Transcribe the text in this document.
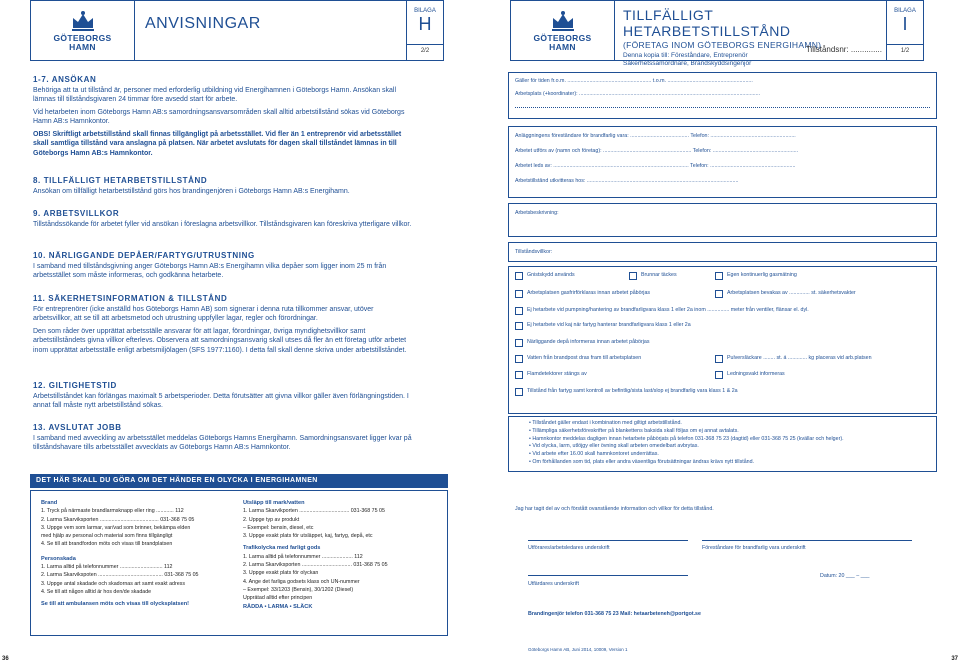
GÖTEBORGS
HAMN
ANVISNINGAR
BILAGA
H
2/2
1-7. ANSÖKAN

Behöriga att ta ut tillstånd är, personer med erforderlig utbildning vid Energihamnen i Göteborgs Hamn. Ansökan skall lämnas till tillståndsgivaren 24 timmar före avsedd start för arbete.

Vid hetarbeten inom Göteborgs Hamn AB:s samordningsansvarsområden skall alltid arbetstillstånd sökas vid Göteborgs Hamn AB:s Hamnkontor.

OBS! Skriftligt arbetstillstånd skall finnas tillgängligt på arbetsstället. Vid fler än 1 entreprenör vid arbetsstället skall samtliga tillstånd vara anslagna på platsen. När arbetet avslutats för dagen skall tillståndet lämnas in till Göteborgs Hamn AB:s Hamnkontor.

8. TILLFÄLLIGT HETARBETSTILLSTÅND

Ansökan om tillfälligt hetarbetstillstånd görs hos brandingenjören i Göteborgs Hamn AB:s Energihamn.

9. ARBETSVILLKOR

Tillståndssökande för arbetet fyller vid ansökan i föreslagna arbetsvillkor. Tillståndsgivaren kan föreskriva ytterligare villkor.

10. NÄRLIGGANDE DEPÅER/FARTYG/UTRUSTNING

I samband med tillståndsgivning anger Göteborgs Hamn AB:s Energihamn vilka depåer som ligger inom 25 m från arbetsstället som måste informeras, och godkänna hetarbete.

11. SÄKERHETSINFORMATION & TILLSTÅND

För entreprenörer (icke anställd hos Göteborgs Hamn AB) som signerar i denna ruta tillkommer ansvar, utöver arbetsvillkor, att se till att arbetsmetod och utrustning uppfyller lagar, regler och förordningar.

Den som råder över upprättat arbetsställe ansvarar för att lagar, förordningar, övriga myndighetsvillkor samt arbetstillståndets givna villkor efterlevs. Observera att samordningsansvarig skall utses då fler än ett företag utför arbetet inom upprättat arbetsställe enligt arbetsmiljölagen (SFS 1977:1160). I detta fall skall denne skriva under arbetstillståndet.

12. GILTIGHETSTID

Arbetstillståndet kan förlängas maximalt 5 arbetsperioder. Detta förutsätter att givna villkor gäller även förlängningstiden. I annat fall måste nytt arbetstillstånd sökas.

13. AVSLUTAT JOBB

I samband med avveckling av arbetsstället meddelas Göteborgs Hamns Energihamn. Samordningsansvaret ligger kvar på tillståndshavare tills arbetsstället avvecklats av Göteborgs Hamn AB:s Hamnkontor.

DET HÄR SKALL DU GÖRA OM DET HÄNDER EN OLYCKA I ENERGIHAMNEN
Brand
1. Tryck på närmaste brandlarmsknapp eller ring ............ 112
2. Larma Skarviksporten ........................................ 031-368 75 05
3. Uppge vem som larmar, var/vad som brinner, bekämpa elden
med hjälp av personal och material som finns tillgängligt
4. Se till att brandfordon möts och visas till brandplatsen
Personskada
1. Larma alltid på telefonnummer ............................. 112
2. Larma Skarvikspoten ............................................ 031-368 75 05
3. Uppge antal skadade och skadornas art samt exakt adress
4. Se till att någon alltid är hos den/de skadade
Se till att ambulansen möts och visas till olycksplatsen!
Utsläpp till mark/vatten
1. Larma Skarvikporten .................................. 031-368 75 05
2. Uppge typ av produkt
– Exempel: bensin, diesel, etc
3. Uppge exakt plats för utsläppet, kaj, fartyg, depå, etc
Trafikolycka med farligt gods
1. Larma alltid på telefonnummer ..................... 112
2. Larma Skarviksporten .................................. 031-368 75 05
3. Uppge exakt plats för olyckan
4. Ange det farliga godsets klass och UN-nummer
– Exempel: 33/1203 (Bensin), 30/1202 (Diesel)
Upprätad alltid efter principen
RÄDDA • LARMA • SLÄCK
36
GÖTEBORGS
HAMN
TILLFÄLLIGT HETARBETSTILLSTÅND
(FÖRETAG INOM GÖTEBORGS ENERGIHAMN)
Denna kopia till: Föreståndare, Entreprenör
Säkerhetssamordnare, Brandskyddsingenjör
Tillståndsnr: ..............
BILAGA
I
1/2
Gäller för tiden fr.o.m. ......................................................... t.o.m. ..........................................................
Arbetsplats (+koordinater): ...........................................................................................................................
Anläggningens föreståndare för brandfarlig vara: ........................................ Telefon: ..........................................................
Arbetet utförs av (namn och företag): ............................................................ Telefon: ..........................................................
Arbetet leds av: ............................................................................................ Telefon: ..........................................................
Arbetstillstånd utkvitteras hos: .......................................................................................................
Arbetsbeskrivning:
Tillståndsvillkor:
Gnistskydd används	Brunnar täckes	Egen kontinuerlig gasmätning
Arbetsplatsen gasfrirförklaras innan arbetet påbörjas	Arbetsplatsen bevakas av .............. st. säkerhetsvakter
Ej hetarbete vid pumpning/hantering av brandfarligvara klass 1 eller 2a inom ............... meter från ventiler, flänsar el. dyl.
Ej hetarbete vid kaj när fartyg hanterar brandfarligvara klass 1 eller 2a
Närliggande depå informeras innan arbetet påbörjas
Vatten från brandpost dras fram till arbetsplatsen	Pulversläckare ........ st. á ............. kg placeras vid arb.platsen
Flamdetektorer stängs av	Ledningsvakt informeras
Tillstånd från fartyg samt kontroll av befintlig/sista last/slop ej brandfarlig vara klass 1 & 2a
• Tillståndet gäller endast i kombination med giltigt arbetstillstånd.
• Tillämpliga säkerhetsföreskrifter på blankettens baksida skall följas om ej annat avtalats.
• Hamnkontor meddelas dagligen innan hetarbete påbörjats på telefon 031-368 75 23 (dagtid) eller 031-368 75 25 (kvällar och helger).
• Vid olycka, larm, utlöjgy eller övning skall arbeten omedelbart avbrytas.
• Vid arbete efter 16.00 skall hamnkontoret underrättas.
• Om förhållanden som tid, plats eller andra väsentliga förutsättningar ändras krävs nytt tillstånd.
Jag har tagit del av och förstått ovanstående information och villkor för detta tillstånd.
Utförares/arbetsledares underskrift	Föreståndare för brandfarlig vara underskrift
Datum: 20 ___ – ___
Utfärdares underskrift
Brandingenjör telefon 031-368 75 23 Mail: hetaarbeteneh@portgot.se
Göteborgs Hamn AB, Juni 2014, 10009, Version 1
37
